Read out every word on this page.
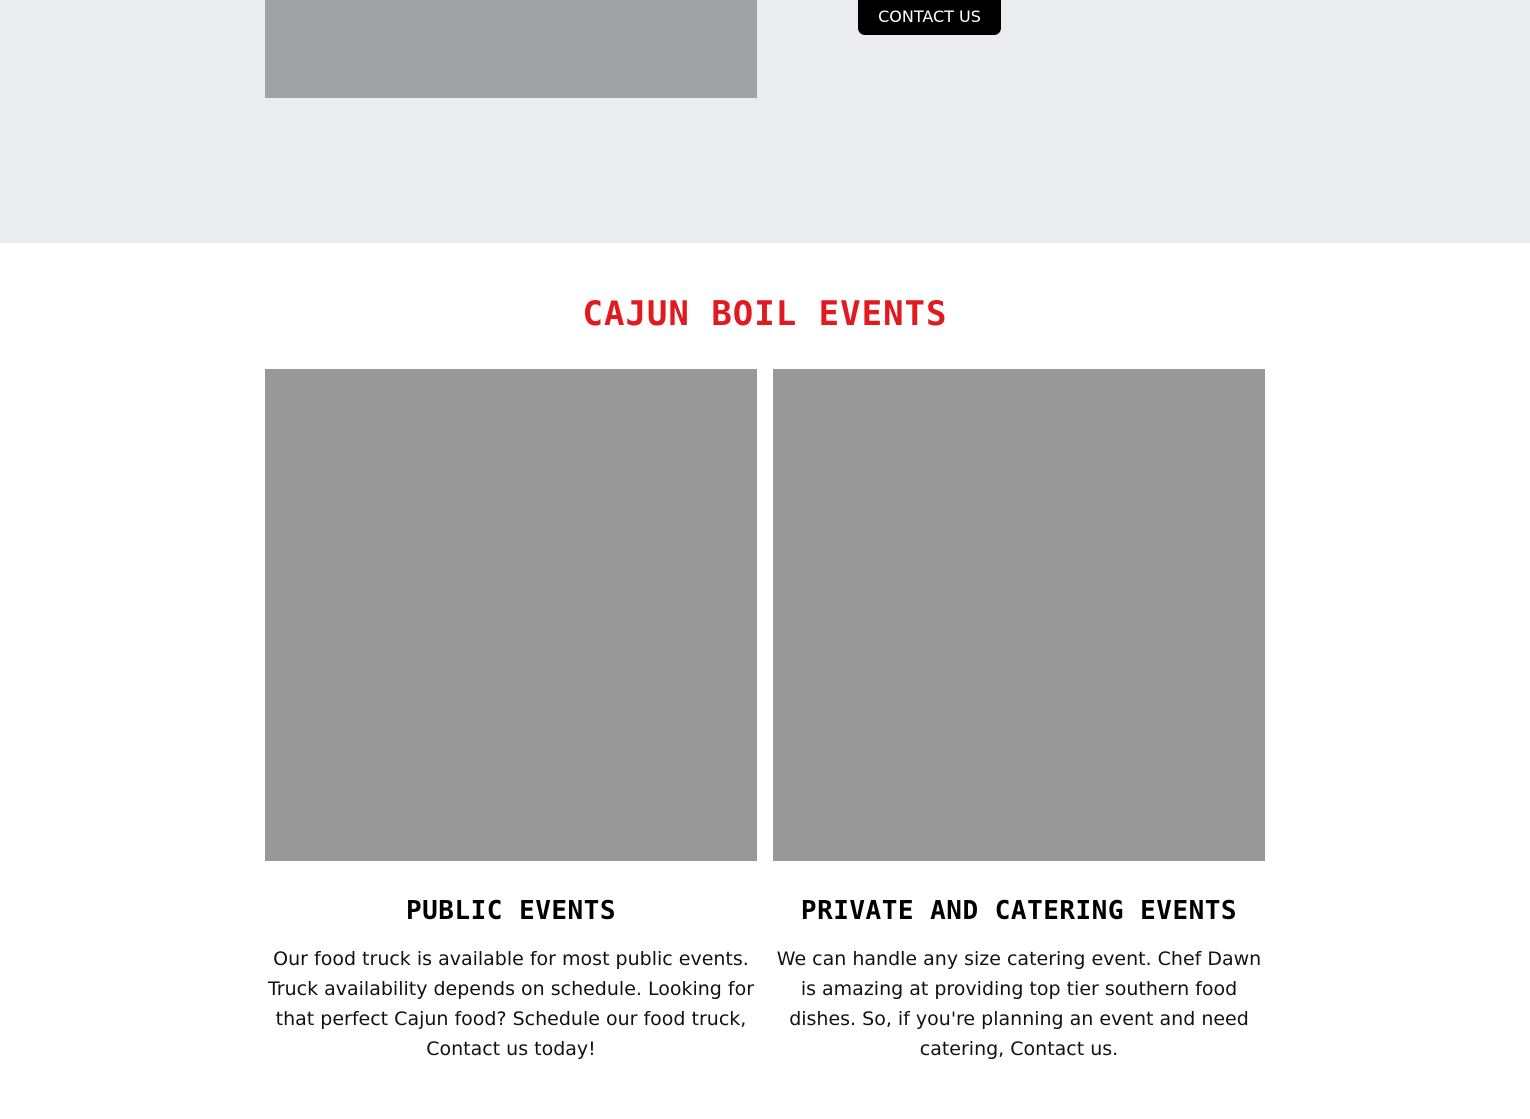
CONTACT US
CAJUN BOIL EVENTS
PUBLIC EVENTS	PRIVATE AND CATERING EVENTS

Our food truck is available for most public events. Truck availability depends on schedule. Looking for that perfect Cajun food? Schedule our food truck, Contact us today!

We can handle any size catering event. Chef Dawn is amazing at providing top tier southern food dishes. So, if you're planning an event and need catering, Contact us.
